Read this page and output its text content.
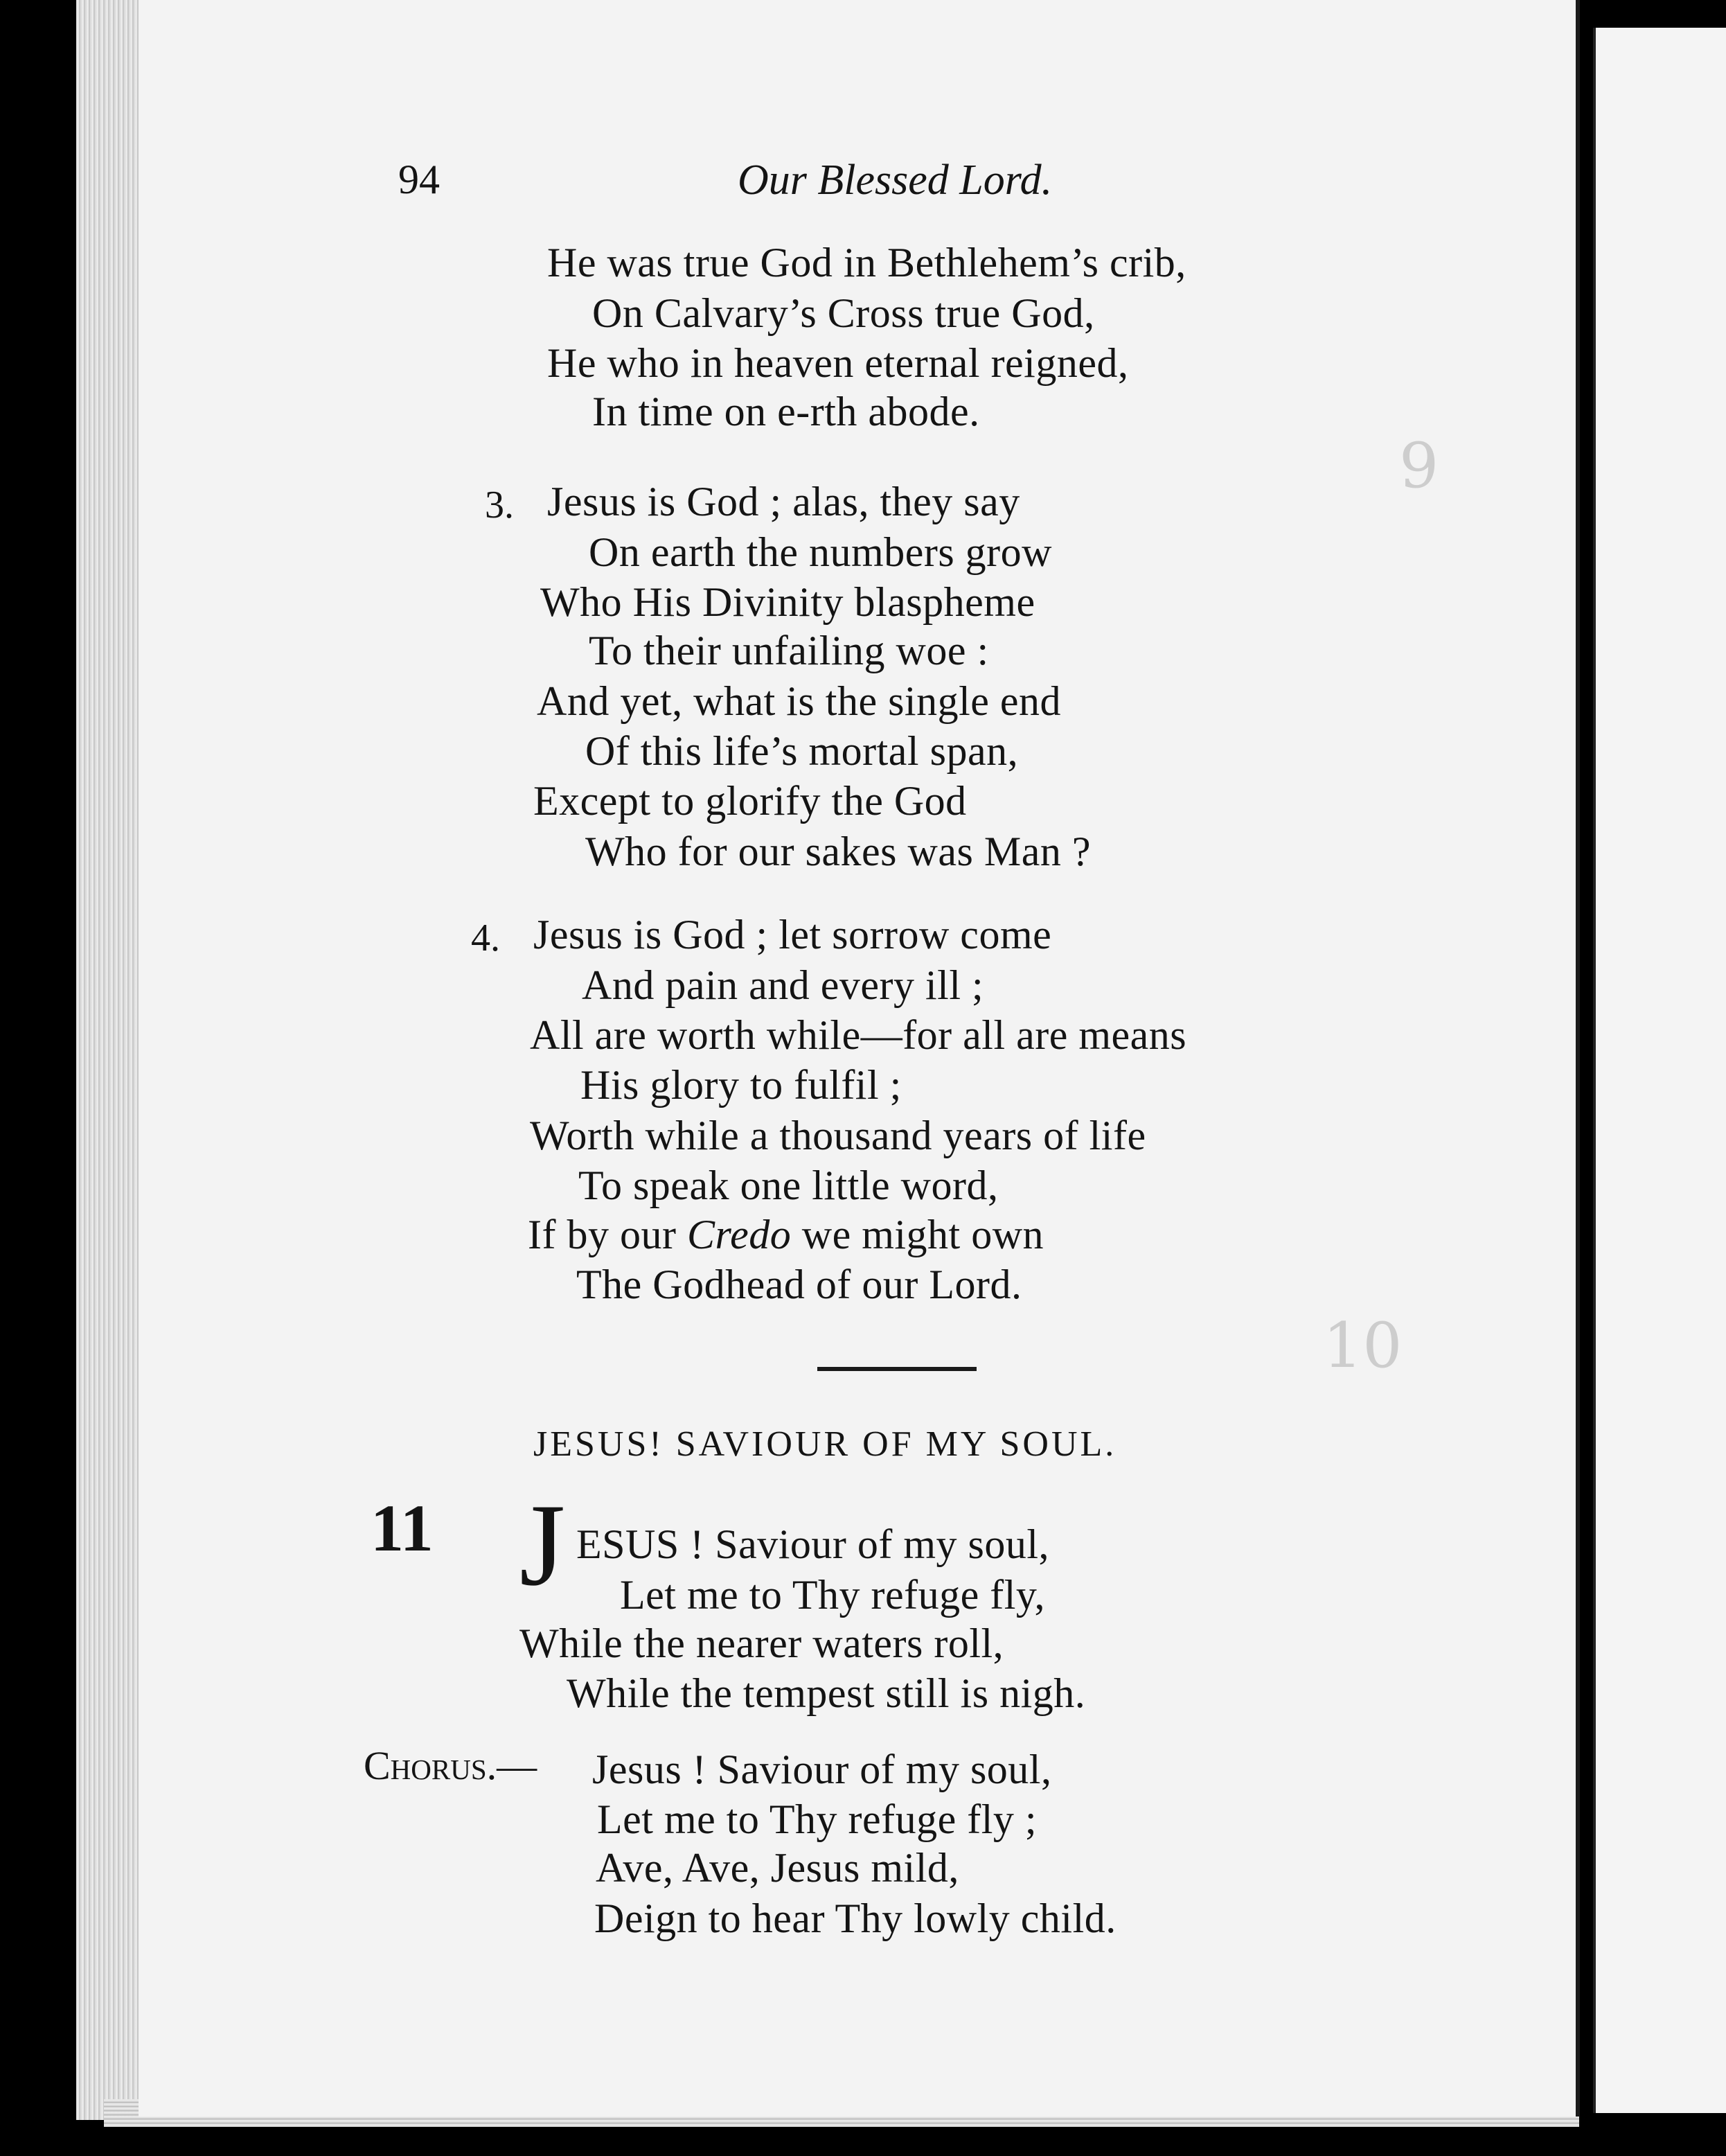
9
10
94	Our Blessed Lord.
He was true God in Bethlehem’s crib,
On Calvary’s Cross true God,
He who in heaven eternal reigned,
In time on e-rth abode.
3. Jesus is God ; alas, they say
On earth the numbers grow
Who His Divinity blaspheme
To their unfailing woe :
And yet, what is the single end
Of this life’s mortal span,
Except to glorify the God
Who for our sakes was Man ?
4. Jesus is God ; let sorrow come
And pain and every ill ;
All are worth while—for all are means
His glory to fulfil ;
Worth while a thousand years of life
To speak one little word,
If by our Credo we might own
The Godhead of our Lord.
JESUS! SAVIOUR OF MY SOUL.
11 J ESUS ! Saviour of my soul,
Let me to Thy refuge fly,
While the nearer waters roll,
While the tempest still is nigh.
Chorus.— Jesus ! Saviour of my soul,
Let me to Thy refuge fly ;
Ave, Ave, Jesus mild,
Deign to hear Thy lowly child.
